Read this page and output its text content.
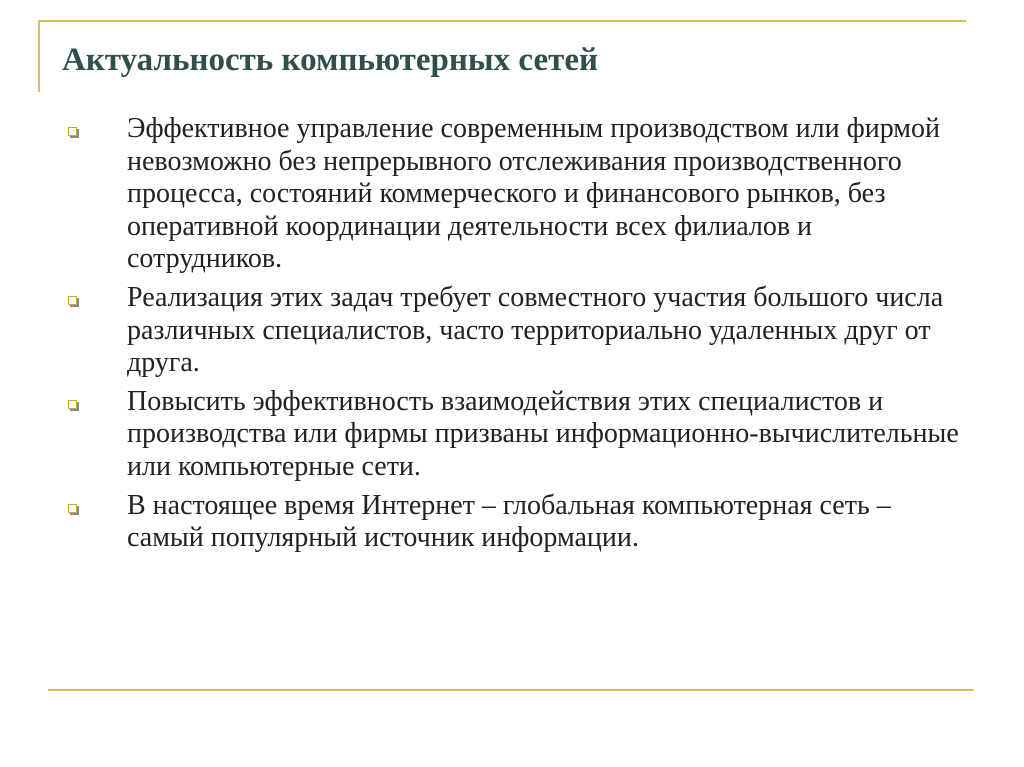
Актуальность компьютерных сетей
Эффективное управление современным производством или фирмой невозможно без непрерывного отслеживания производственного процесса, состояний коммерческого и финансового рынков, без оперативной координации деятельности всех филиалов и сотрудников.
Реализация этих задач требует совместного участия большого числа различных специалистов, часто территориально удаленных друг от друга.
Повысить эффективность взаимодействия этих специалистов и производства или фирмы призваны информационно-вычислительные или компьютерные сети.
В настоящее время Интернет – глобальная компьютерная сеть – самый популярный источник информации.
